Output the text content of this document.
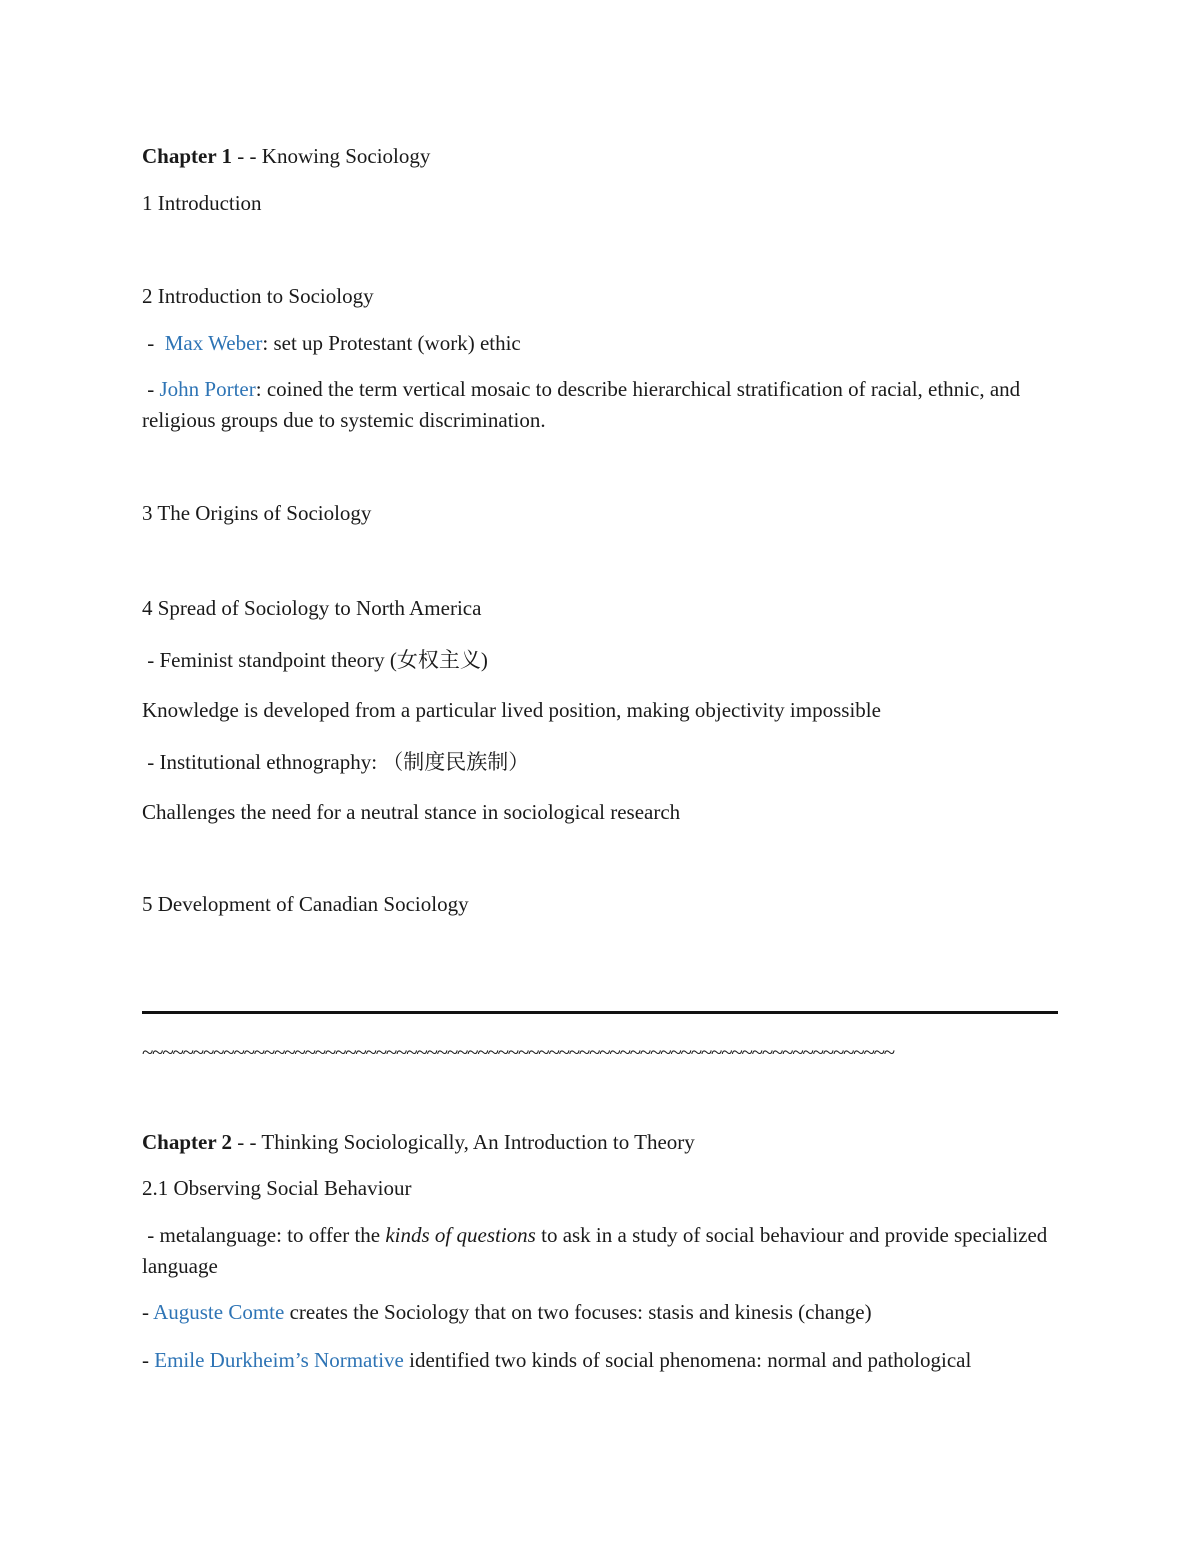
Chapter 1 - - Knowing Sociology
1 Introduction
2 Introduction to Sociology
-  Max Weber: set up Protestant (work) ethic
- John Porter: coined the term vertical mosaic to describe hierarchical stratification of racial, ethnic, and religious groups due to systemic discrimination.
3 The Origins of Sociology
4 Spread of Sociology to North America
- Feminist standpoint theory (女权主义)
Knowledge is developed from a particular lived position, making objectivity impossible
- Institutional ethnography: （制度民族制）
Challenges the need for a neutral stance in sociological research
5 Development of Canadian Sociology
~~~~~~~~~~~~~~~~~~~~~~~~~~~~~~~~~~~~~~~~~~~~~~~~~~~~~~~~~~~~~~~~~~~~~~~~~~
Chapter 2 - - Thinking Sociologically, An Introduction to Theory
2.1 Observing Social Behaviour
- metalanguage: to offer the kinds of questions to ask in a study of social behaviour and provide specialized language
- Auguste Comte creates the Sociology that on two focuses: stasis and kinesis (change)
- Emile Durkheim’s Normative identified two kinds of social phenomena: normal and pathological
